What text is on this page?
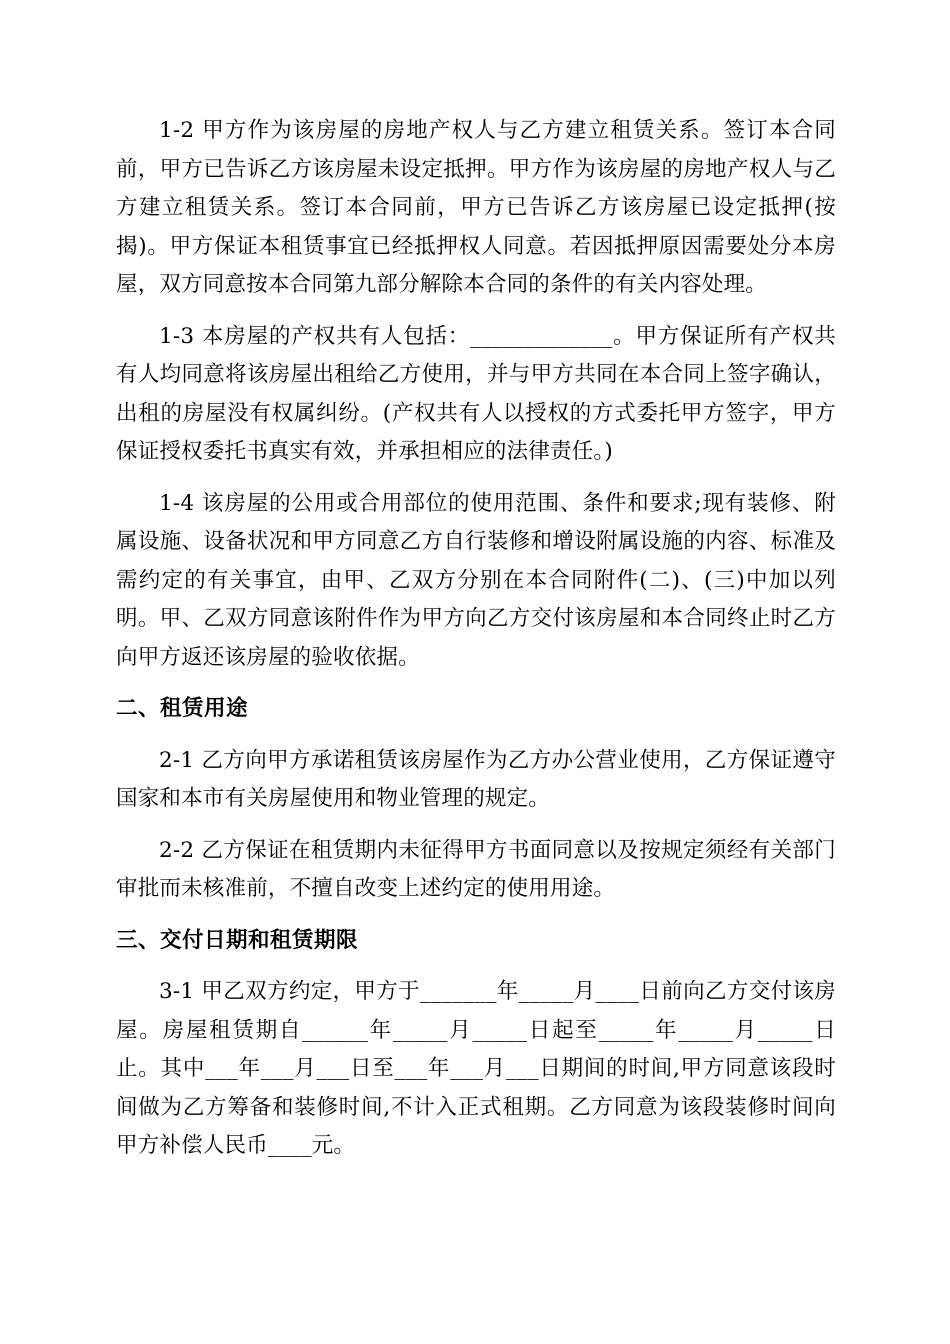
1-2 甲方作为该房屋的房地产权人与乙方建立租赁关系。签订本合同前，甲方已告诉乙方该房屋未设定抵押。甲方作为该房屋的房地产权人与乙方建立租赁关系。签订本合同前，甲方已告诉乙方该房屋已设定抵押(按揭)。甲方保证本租赁事宜已经抵押权人同意。若因抵押原因需要处分本房屋，双方同意按本合同第九部分解除本合同的条件的有关内容处理。

1-3 本房屋的产权共有人包括：_____________。甲方保证所有产权共有人均同意将该房屋出租给乙方使用，并与甲方共同在本合同上签字确认，出租的房屋没有权属纠纷。(产权共有人以授权的方式委托甲方签字，甲方保证授权委托书真实有效，并承担相应的法律责任。)

1-4 该房屋的公用或合用部位的使用范围、条件和要求;现有装修、附属设施、设备状况和甲方同意乙方自行装修和增设附属设施的内容、标准及需约定的有关事宜，由甲、乙双方分别在本合同附件(二)、(三)中加以列明。甲、乙双方同意该附件作为甲方向乙方交付该房屋和本合同终止时乙方向甲方返还该房屋的验收依据。

二、租赁用途

2-1 乙方向甲方承诺租赁该房屋作为乙方办公营业使用，乙方保证遵守国家和本市有关房屋使用和物业管理的规定。

2-2 乙方保证在租赁期内未征得甲方书面同意以及按规定须经有关部门审批而未核准前，不擅自改变上述约定的使用用途。

三、交付日期和租赁期限

3-1 甲乙双方约定，甲方于_______年_____月____日前向乙方交付该房屋。房屋租赁期自______年_____月_____日起至_____年_____月_____日止。其中___年___月___日至___年___月___日期间的时间,甲方同意该段时间做为乙方筹备和装修时间,不计入正式租期。乙方同意为该段装修时间向甲方补偿人民币____元。
